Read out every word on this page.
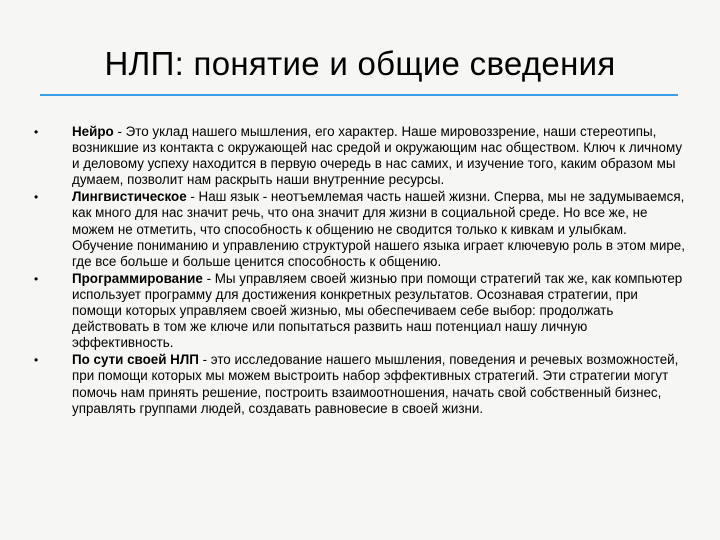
НЛП: понятие и общие сведения
•	Нейро - Это уклад нашего мышления, его характер. Наше мировоззрение, наши стереотипы, возникшие из контакта с окружающей нас средой и окружающим нас обществом. Ключ к личному и деловому успеху находится в первую очередь в нас самих, и изучение того, каким образом мы думаем, позволит нам раскрыть наши внутренние ресурсы.
•	Лингвистическое - Наш язык - неотъемлемая часть нашей жизни. Сперва, мы не задумываемся, как много для нас значит речь, что она значит для жизни в социальной среде. Но все же, не можем не отметить, что способность к общению не сводится только к кивкам и улыбкам. Обучение пониманию и управлению структурой нашего языка играет ключевую роль в этом мире, где все больше и больше ценится способность к общению.
•	Программирование - Мы управляем своей жизнью при помощи стратегий так же, как компьютер использует программу для достижения конкретных результатов. Осознавая стратегии, при помощи которых управляем своей жизнью, мы обеспечиваем себе выбор: продолжать действовать в том же ключе или попытаться развить наш потенциал нашу личную эффективность.
•	По сути своей НЛП - это исследование нашего мышления, поведения и речевых возможностей, при помощи которых мы можем выстроить набор эффективных стратегий. Эти стратегии могут помочь нам принять решение, построить взаимоотношения, начать свой собственный бизнес, управлять группами людей, создавать равновесие в своей жизни.
